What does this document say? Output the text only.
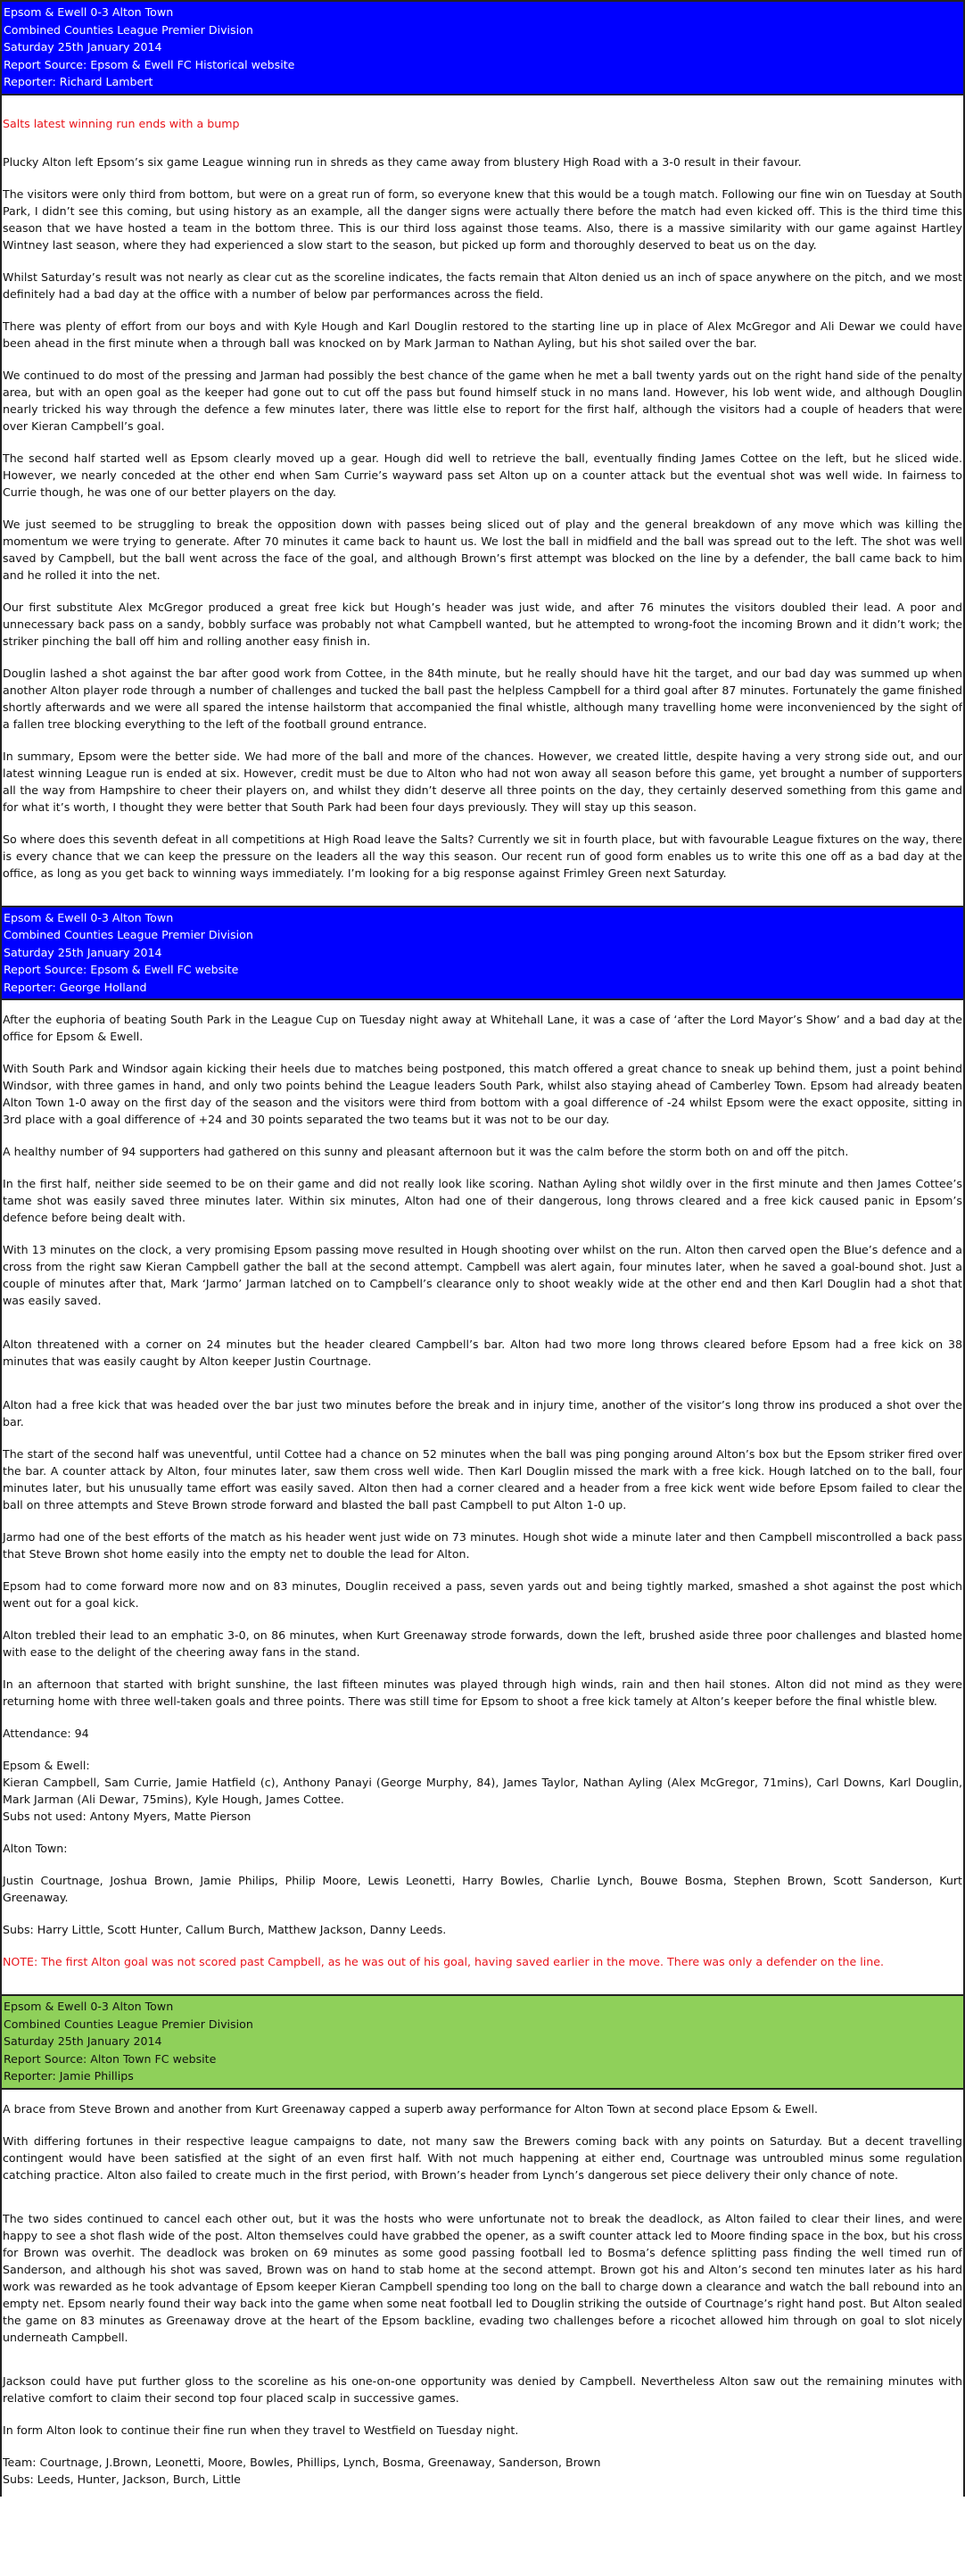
Epsom & Ewell 0-3 Alton Town
Combined Counties League Premier Division
Saturday 25th January 2014
Report Source: Epsom & Ewell FC Historical website
Reporter: Richard Lambert

Salts latest winning run ends with a bump

Plucky Alton left Epsom’s six game League winning run in shreds as they came away from blustery High Road with a 3-0 result in their favour.

The visitors were only third from bottom, but were on a great run of form, so everyone knew that this would be a tough match. Following our fine win on Tuesday at South Park, I didn’t see this coming, but using history as an example, all the danger signs were actually there before the match had even kicked off. This is the third time this season that we have hosted a team in the bottom three. This is our third loss against those teams. Also, there is a massive similarity with our game against Hartley Wintney last season, where they had experienced a slow start to the season, but picked up form and thoroughly deserved to beat us on the day.

Whilst Saturday’s result was not nearly as clear cut as the scoreline indicates, the facts remain that Alton denied us an inch of space anywhere on the pitch, and we most definitely had a bad day at the office with a number of below par performances across the field.

There was plenty of effort from our boys and with Kyle Hough and Karl Douglin restored to the starting line up in place of Alex McGregor and Ali Dewar we could have been ahead in the first minute when a through ball was knocked on by Mark Jarman to Nathan Ayling, but his shot sailed over the bar.

We continued to do most of the pressing and Jarman had possibly the best chance of the game when he met a ball twenty yards out on the right hand side of the penalty area, but with an open goal as the keeper had gone out to cut off the pass but found himself stuck in no mans land. However, his lob went wide, and although Douglin nearly tricked his way through the defence a few minutes later, there was little else to report for the first half, although the visitors had a couple of headers that were over Kieran Campbell’s goal.

The second half started well as Epsom clearly moved up a gear. Hough did well to retrieve the ball, eventually finding James Cottee on the left, but he sliced wide. However, we nearly conceded at the other end when Sam Currie’s wayward pass set Alton up on a counter attack but the eventual shot was well wide. In fairness to Currie though, he was one of our better players on the day.

We just seemed to be struggling to break the opposition down with passes being sliced out of play and the general breakdown of any move which was killing the momentum we were trying to generate. After 70 minutes it came back to haunt us. We lost the ball in midfield and the ball was spread out to the left. The shot was well saved by Campbell, but the ball went across the face of the goal, and although Brown’s first attempt was blocked on the line by a defender, the ball came back to him and he rolled it into the net.

Our first substitute Alex McGregor produced a great free kick but Hough’s header was just wide, and after 76 minutes the visitors doubled their lead. A poor and unnecessary back pass on a sandy, bobbly surface was probably not what Campbell wanted, but he attempted to wrong-foot the incoming Brown and it didn’t work; the striker pinching the ball off him and rolling another easy finish in.

Douglin lashed a shot against the bar after good work from Cottee, in the 84th minute, but he really should have hit the target, and our bad day was summed up when another Alton player rode through a number of challenges and tucked the ball past the helpless Campbell for a third goal after 87 minutes. Fortunately the game finished shortly afterwards and we were all spared the intense hailstorm that accompanied the final whistle, although many travelling home were inconvenienced by the sight of a fallen tree blocking everything to the left of the football ground entrance.

In summary, Epsom were the better side. We had more of the ball and more of the chances. However, we created little, despite having a very strong side out, and our latest winning League run is ended at six. However, credit must be due to Alton who had not won away all season before this game, yet brought a number of supporters all the way from Hampshire to cheer their players on, and whilst they didn’t deserve all three points on the day, they certainly deserved something from this game and for what it’s worth, I thought they were better that South Park had been four days previously. They will stay up this season.

So where does this seventh defeat in all competitions at High Road leave the Salts? Currently we sit in fourth place, but with favourable League fixtures on the way, there is every chance that we can keep the pressure on the leaders all the way this season. Our recent run of good form enables us to write this one off as a bad day at the office, as long as you get back to winning ways immediately. I’m looking for a big response against Frimley Green next Saturday.

Epsom & Ewell 0-3 Alton Town
Combined Counties League Premier Division
Saturday 25th January 2014
Report Source: Epsom & Ewell FC website
Reporter: George Holland

After the euphoria of beating South Park in the League Cup on Tuesday night away at Whitehall Lane, it was a case of ‘after the Lord Mayor’s Show’ and a bad day at the office for Epsom & Ewell.

With South Park and Windsor again kicking their heels due to matches being postponed, this match offered a great chance to sneak up behind them, just a point behind Windsor, with three games in hand, and only two points behind the League leaders South Park, whilst also staying ahead of Camberley Town. Epsom had already beaten Alton Town 1-0 away on the first day of the season and the visitors were third from bottom with a goal difference of -24 whilst Epsom were the exact opposite, sitting in 3rd place with a goal difference of +24 and 30 points separated the two teams but it was not to be our day.

A healthy number of 94 supporters had gathered on this sunny and pleasant afternoon but it was the calm before the storm both on and off the pitch.

In the first half, neither side seemed to be on their game and did not really look like scoring. Nathan Ayling shot wildly over in the first minute and then James Cottee’s tame shot was easily saved three minutes later. Within six minutes, Alton had one of their dangerous, long throws cleared and a free kick caused panic in Epsom’s defence before being dealt with.

With 13 minutes on the clock, a very promising Epsom passing move resulted in Hough shooting over whilst on the run. Alton then carved open the Blue’s defence and a cross from the right saw Kieran Campbell gather the ball at the second attempt. Campbell was alert again, four minutes later, when he saved a goal-bound shot. Just a couple of minutes after that, Mark ‘Jarmo’ Jarman latched on to Campbell’s clearance only to shoot weakly wide at the other end and then Karl Douglin had a shot that was easily saved.

Alton threatened with a corner on 24 minutes but the header cleared Campbell’s bar. Alton had two more long throws cleared before Epsom had a free kick on 38 minutes that was easily caught by Alton keeper Justin Courtnage.

Alton had a free kick that was headed over the bar just two minutes before the break and in injury time, another of the visitor’s long throw ins produced a shot over the bar.

The start of the second half was uneventful, until Cottee had a chance on 52 minutes when the ball was ping ponging around Alton’s box but the Epsom striker fired over the bar. A counter attack by Alton, four minutes later, saw them cross well wide. Then Karl Douglin missed the mark with a free kick. Hough latched on to the ball, four minutes later, but his unusually tame effort was easily saved. Alton then had a corner cleared and a header from a free kick went wide before Epsom failed to clear the ball on three attempts and Steve Brown strode forward and blasted the ball past Campbell to put Alton 1-0 up.

Jarmo had one of the best efforts of the match as his header went just wide on 73 minutes. Hough shot wide a minute later and then Campbell miscontrolled a back pass that Steve Brown shot home easily into the empty net to double the lead for Alton.

Epsom had to come forward more now and on 83 minutes, Douglin received a pass, seven yards out and being tightly marked, smashed a shot against the post which went out for a goal kick.

Alton trebled their lead to an emphatic 3-0, on 86 minutes, when Kurt Greenaway strode forwards, down the left, brushed aside three poor challenges and blasted home with ease to the delight of the cheering away fans in the stand.

In an afternoon that started with bright sunshine, the last fifteen minutes was played through high winds, rain and then hail stones. Alton did not mind as they were returning home with three well-taken goals and three points. There was still time for Epsom to shoot a free kick tamely at Alton’s keeper before the final whistle blew.

Attendance: 94

Epsom & Ewell:
Kieran Campbell, Sam Currie, Jamie Hatfield (c), Anthony Panayi (George Murphy, 84), James Taylor, Nathan Ayling (Alex McGregor, 71mins), Carl Downs, Karl Douglin, Mark Jarman (Ali Dewar, 75mins), Kyle Hough, James Cottee.
Subs not used: Antony Myers, Matte Pierson

Alton Town:

Justin Courtnage, Joshua Brown, Jamie Philips, Philip Moore, Lewis Leonetti, Harry Bowles, Charlie Lynch, Bouwe Bosma, Stephen Brown, Scott Sanderson, Kurt Greenaway.

Subs: Harry Little, Scott Hunter, Callum Burch, Matthew Jackson, Danny Leeds.

NOTE: The first Alton goal was not scored past Campbell, as he was out of his goal, having saved earlier in the move. There was only a defender on the line.

Epsom & Ewell 0-3 Alton Town
Combined Counties League Premier Division
Saturday 25th January 2014
Report Source: Alton Town FC website
Reporter: Jamie Phillips

A brace from Steve Brown and another from Kurt Greenaway capped a superb away performance for Alton Town at second place Epsom & Ewell.

With differing fortunes in their respective league campaigns to date, not many saw the Brewers coming back with any points on Saturday. But a decent travelling contingent would have been satisfied at the sight of an even first half. With not much happening at either end, Courtnage was untroubled minus some regulation catching practice. Alton also failed to create much in the first period, with Brown’s header from Lynch’s dangerous set piece delivery their only chance of note.

The two sides continued to cancel each other out, but it was the hosts who were unfortunate not to break the deadlock, as Alton failed to clear their lines, and were happy to see a shot flash wide of the post. Alton themselves could have grabbed the opener, as a swift counter attack led to Moore finding space in the box, but his cross for Brown was overhit. The deadlock was broken on 69 minutes as some good passing football led to Bosma’s defence splitting pass finding the well timed run of Sanderson, and although his shot was saved, Brown was on hand to stab home at the second attempt. Brown got his and Alton’s second ten minutes later as his hard work was rewarded as he took advantage of Epsom keeper Kieran Campbell spending too long on the ball to charge down a clearance and watch the ball rebound into an empty net. Epsom nearly found their way back into the game when some neat football led to Douglin striking the outside of Courtnage’s right hand post. But Alton sealed the game on 83 minutes as Greenaway drove at the heart of the Epsom backline, evading two challenges before a ricochet allowed him through on goal to slot nicely underneath Campbell.

Jackson could have put further gloss to the scoreline as his one-on-one opportunity was denied by Campbell. Nevertheless Alton saw out the remaining minutes with relative comfort to claim their second top four placed scalp in successive games.

In form Alton look to continue their fine run when they travel to Westfield on Tuesday night.

Team: Courtnage, J.Brown, Leonetti, Moore, Bowles, Phillips, Lynch, Bosma, Greenaway, Sanderson, Brown

Subs: Leeds, Hunter, Jackson, Burch, Little
